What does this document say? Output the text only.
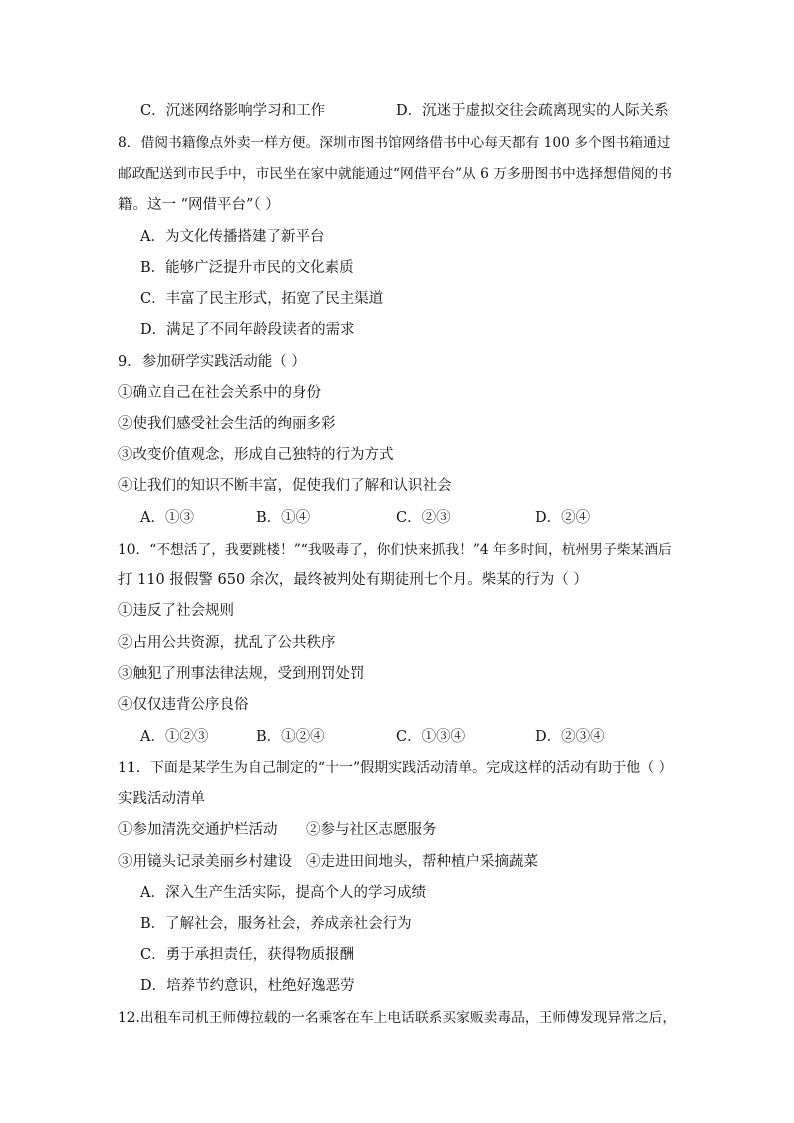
C．沉迷网络影响学习和工作	D．沉迷于虚拟交往会疏离现实的人际关系
8．借阅书籍像点外卖一样方便。深圳市图书馆网络借书中心每天都有 100 多个图书箱通过
邮政配送到市民手中，市民坐在家中就能通过“网借平台”从 6 万多册图书中选择想借阅的书
籍。这一 “网借平台”（ ）
A．为文化传播搭建了新平台
B．能够广泛提升市民的文化素质
C．丰富了民主形式，拓宽了民主渠道
D．满足了不同年龄段读者的需求
9．参加研学实践活动能（ ）
①确立自己在社会关系中的身份
②使我们感受社会生活的绚丽多彩
③改变价值观念，形成自己独特的行为方式
④让我们的知识不断丰富，促使我们了解和认识社会
A．①③	B．①④	C．②③	D．②④
10．“不想活了，我要跳楼！”“我吸毒了，你们快来抓我！”4 年多时间，杭州男子柴某酒后
打 110 报假警 650 余次，最终被判处有期徒刑七个月。柴某的行为（ ）
①违反了社会规则
②占用公共资源，扰乱了公共秩序
③触犯了刑事法律法规，受到刑罚处罚
④仅仅违背公序良俗
A．①②③	B．①②④	C．①③④	D．②③④
11．下面是某学生为自己制定的“十一”假期实践活动清单。完成这样的活动有助于他（ ）
实践活动清单
①参加清洗交通护栏活动 ②参与社区志愿服务
③用镜头记录美丽乡村建设 ④走进田间地头，帮种植户采摘蔬菜
A．深入生产生活实际，提高个人的学习成绩
B．了解社会，服务社会，养成亲社会行为
C．勇于承担责任，获得物质报酬
D．培养节约意识，杜绝好逸恶劳
12.出租车司机王师傅拉载的一名乘客在车上电话联系买家贩卖毒品，王师傅发现异常之后，
